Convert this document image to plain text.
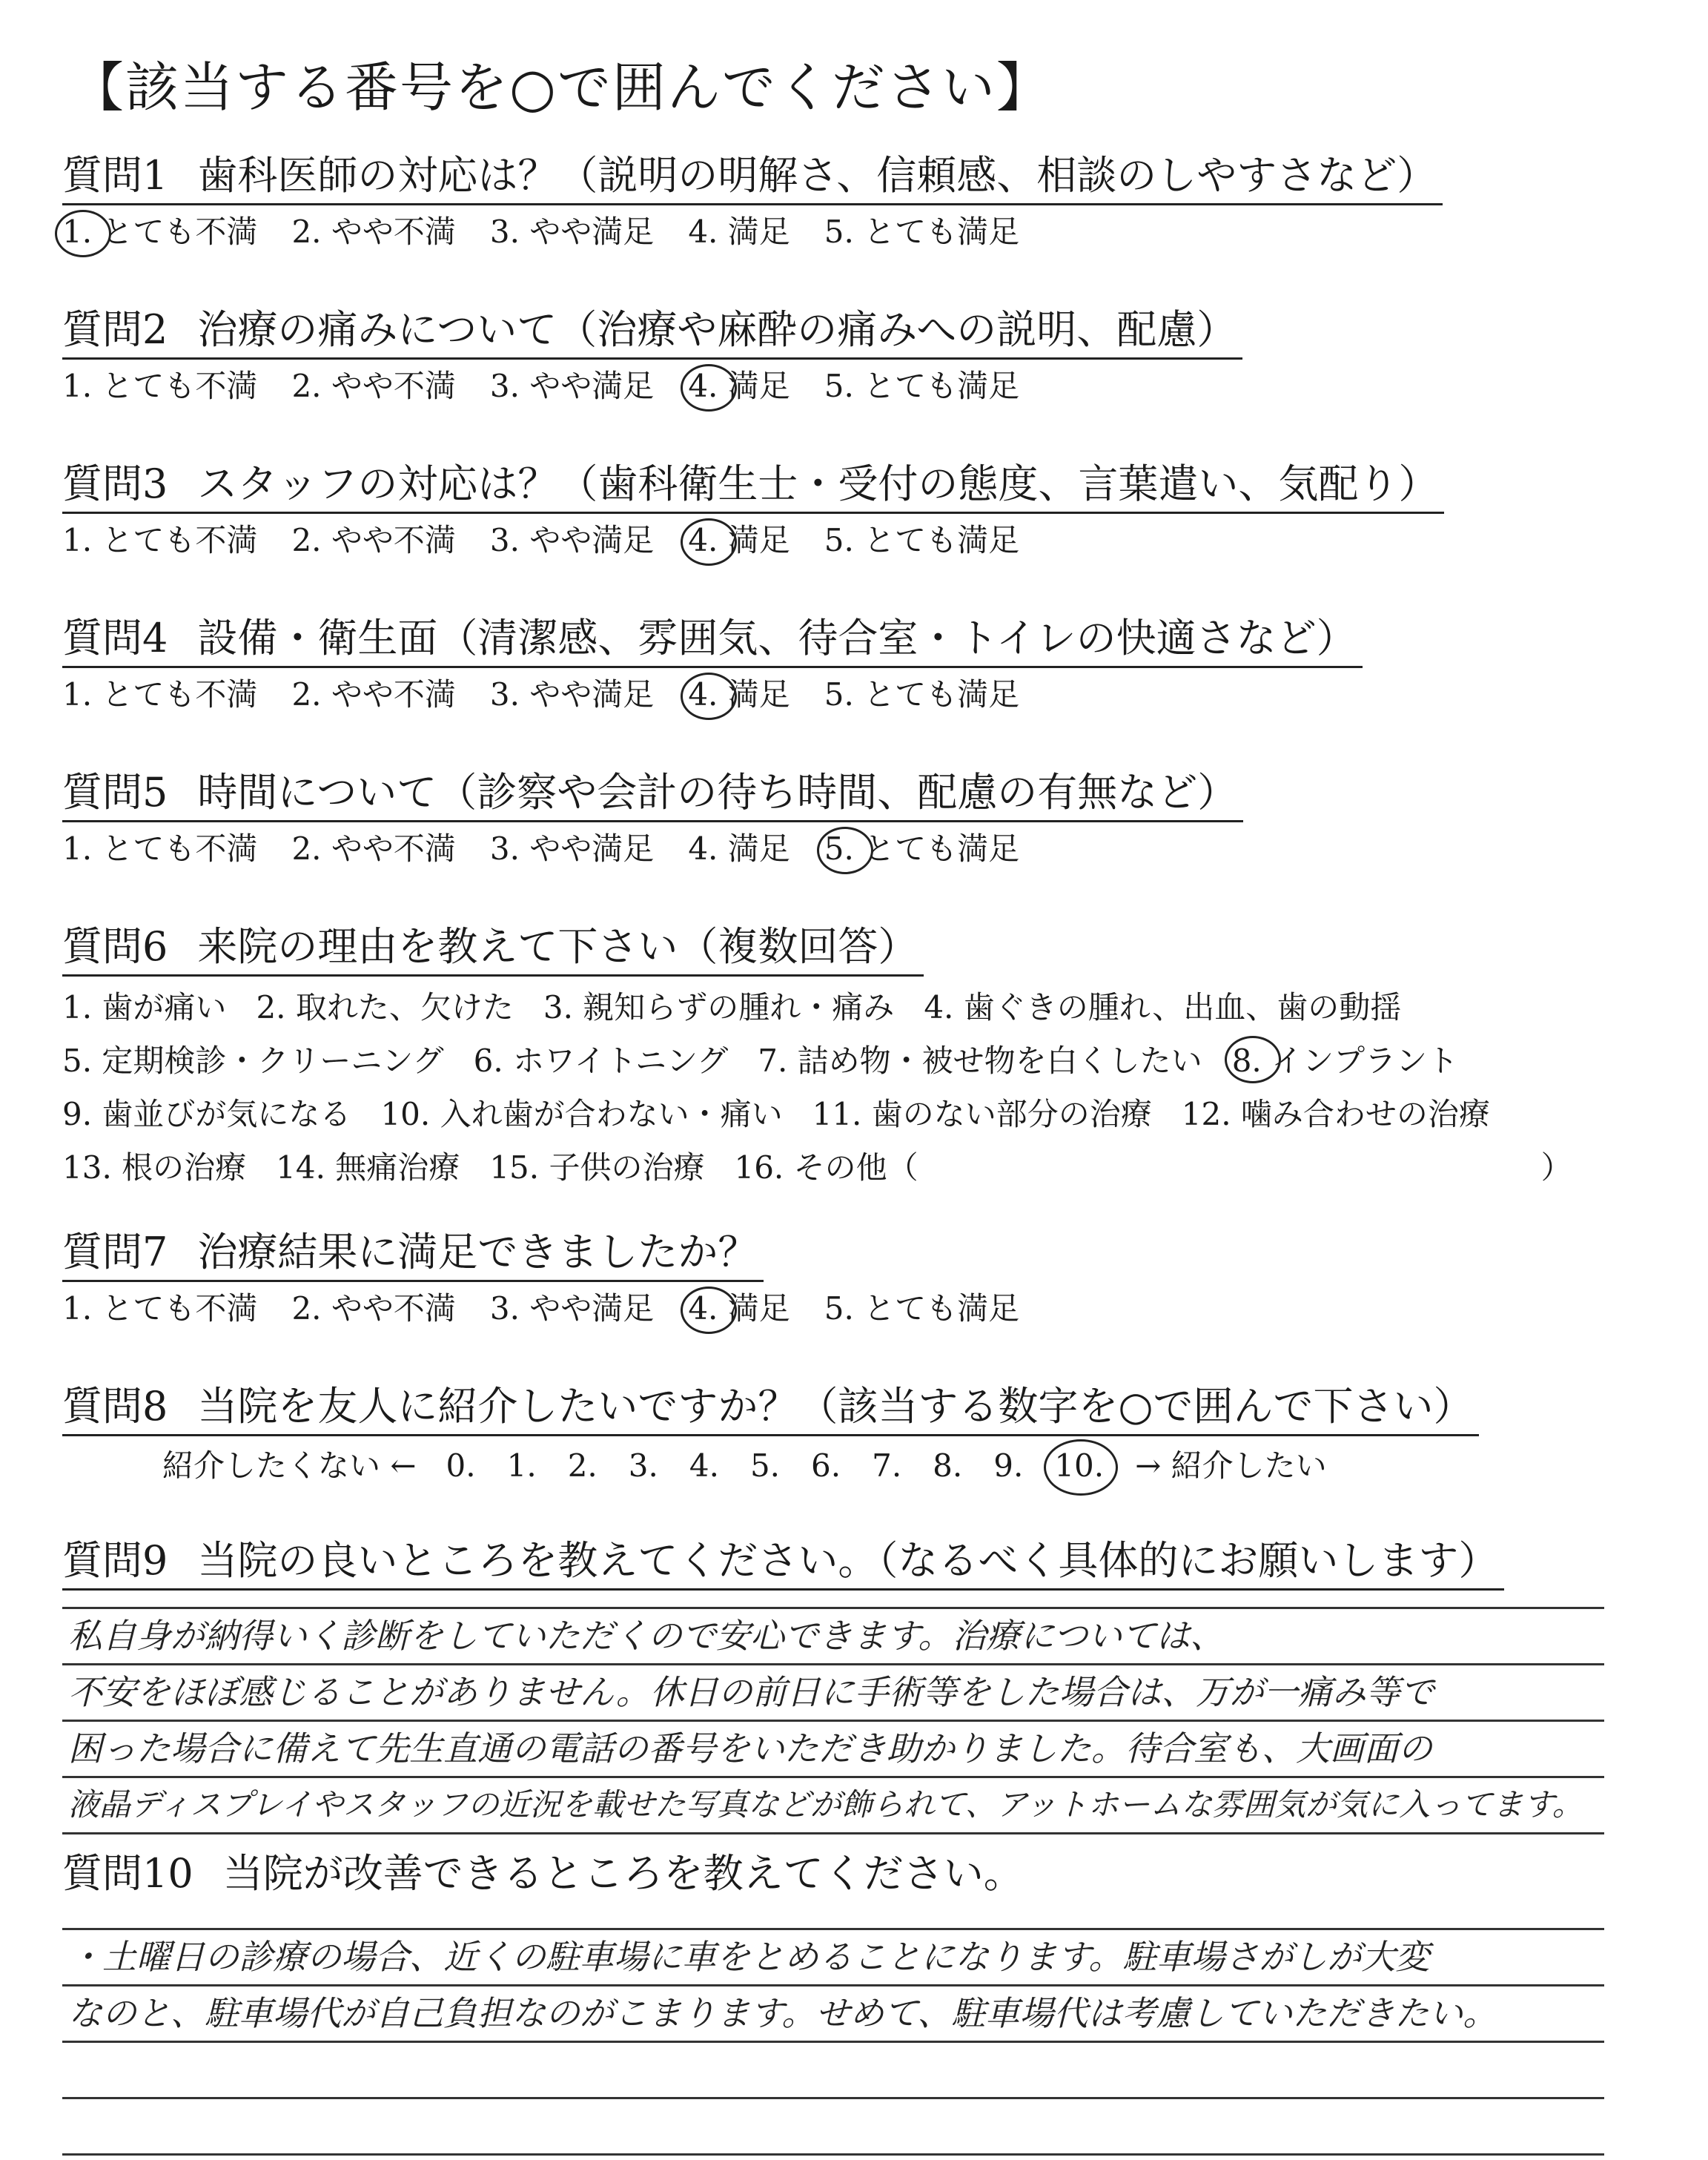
【該当する番号を○で囲んでください】
質問1 歯科医師の対応は？（説明の明解さ、信頼感、相談のしやすさなど）
1. とても不満 2. やや不満 3. やや満足 4. 満足 5. とても満足
質問2 治療の痛みについて（治療や麻酔の痛みへの説明、配慮）
1. とても不満 2. やや不満 3. やや満足 4. 満足 5. とても満足
質問3 スタッフの対応は？（歯科衛生士・受付の態度、言葉遣い、気配り）
1. とても不満 2. やや不満 3. やや満足 4. 満足 5. とても満足
質問4 設備・衛生面（清潔感、雰囲気、待合室・トイレの快適さなど）
1. とても不満 2. やや不満 3. やや満足 4. 満足 5. とても満足
質問5 時間について（診察や会計の待ち時間、配慮の有無など）
1. とても不満 2. やや不満 3. やや満足 4. 満足 5. とても満足
質問6 来院の理由を教えて下さい（複数回答）
1. 歯が痛い 2. 取れた、欠けた 3. 親知らずの腫れ・痛み 4. 歯ぐきの腫れ、出血、歯の動揺
5. 定期検診・クリーニング 6. ホワイトニング 7. 詰め物・被せ物を白くしたい 8. インプラント
9. 歯並びが気になる 10. 入れ歯が合わない・痛い 11. 歯のない部分の治療 12. 噛み合わせの治療
13. 根の治療 14. 無痛治療 15. 子供の治療 16. その他（　　　　　　　　　　　　　　　　　　　　）
質問7 治療結果に満足できましたか？
1. とても不満 2. やや不満 3. やや満足 4. 満足 5. とても満足
質問8 当院を友人に紹介したいですか？（該当する数字を○で囲んで下さい）
紹介したくない ← 0. 1. 2. 3. 4. 5. 6. 7. 8. 9. 10. → 紹介したい
質問9 当院の良いところを教えてください。（なるべく具体的にお願いします）
私自身が納得いく診断をしていただくので安心できます。治療については、
不安をほぼ感じることがありません。休日の前日に手術等をした場合は、万が一痛み等で
困った場合に備えて先生直通の電話の番号をいただき助かりました。待合室も、大画面の
液晶ディスプレイやスタッフの近況を載せた写真などが飾られて、アットホームな雰囲気が気に入ってます。
質問10 当院が改善できるところを教えてください。
・土曜日の診療の場合、近くの駐車場に車をとめることになります。駐車場さがしが大変
なのと、駐車場代が自己負担なのがこまります。せめて、駐車場代は考慮していただきたい。
